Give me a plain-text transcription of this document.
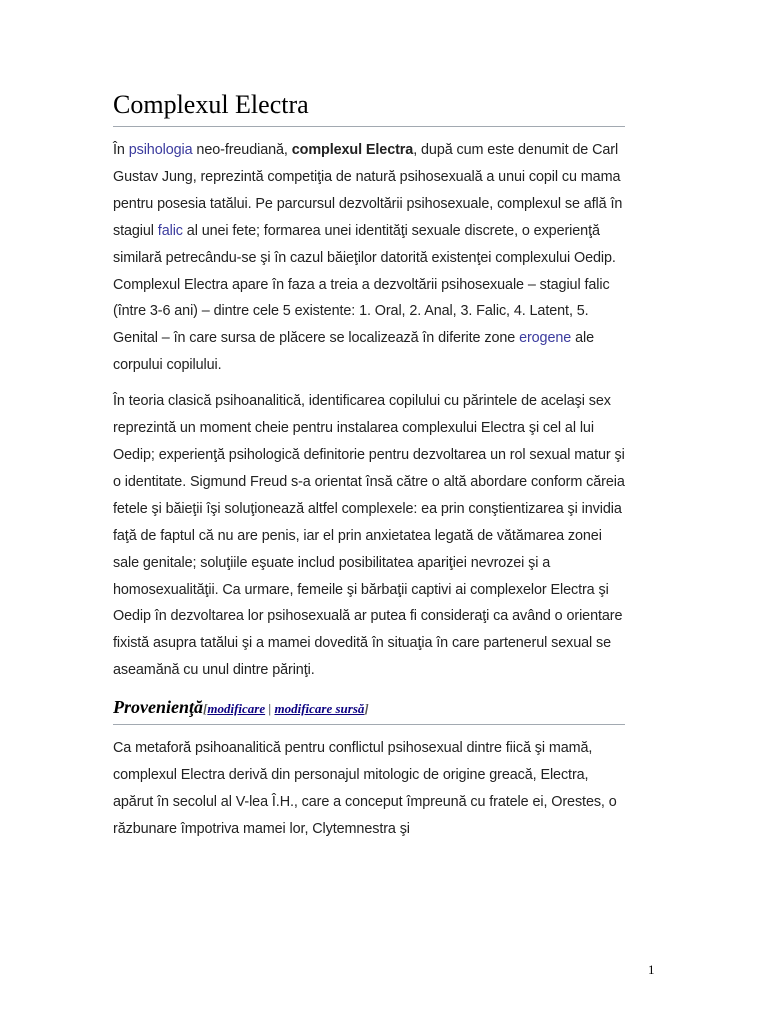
Complexul Electra

În psihologia neo-freudiană, complexul Electra, după cum este denumit de Carl Gustav Jung, reprezintă competiţia de natură psihosexuală a unui copil cu mama pentru posesia tatălui. Pe parcursul dezvoltării psihosexuale, complexul se află în stagiul falic al unei fete; formarea unei identităţi sexuale discrete, o experienţă similară petrecându-se şi în cazul băieţilor datorită existenţei complexului Oedip. Complexul Electra apare în faza a treia a dezvoltării psihosexuale – stagiul falic (între 3-6 ani) – dintre cele 5 existente: 1. Oral, 2. Anal, 3. Falic, 4. Latent, 5. Genital – în care sursa de plăcere se localizează în diferite zone erogene ale corpului copilului.

În teoria clasică psihoanalitică, identificarea copilului cu părintele de acelaşi sex reprezintă un moment cheie pentru instalarea complexului Electra şi cel al lui Oedip; experienţă psihologică definitorie pentru dezvoltarea un rol sexual matur şi o identitate. Sigmund Freud s-a orientat însă către o altă abordare conform căreia fetele şi băieţii îşi soluţionează altfel complexele: ea prin conştientizarea şi invidia faţă de faptul că nu are penis, iar el prin anxietatea legată de vătămarea zonei sale genitale; soluţiile eşuate includ posibilitatea apariţiei nevrozei şi a homosexualităţii. Ca urmare, femeile şi bărbaţii captivi ai complexelor Electra şi Oedip în dezvoltarea lor psihosexuală ar putea fi consideraţi ca având o orientare fixistă asupra tatălui şi a mamei dovedită în situaţia în care partenerul sexual se aseamănă cu unul dintre părinţi.

Provenienţă[modificare | modificare sursă]

Ca metaforă psihoanalitică pentru conflictul psihosexual dintre fiică şi mamă, complexul Electra derivă din personajul mitologic de origine greacă, Electra, apărut în secolul al V-lea Î.H., care a conceput împreună cu fratele ei, Orestes, o răzbunare împotriva mamei lor, Clytemnestra şi

1
